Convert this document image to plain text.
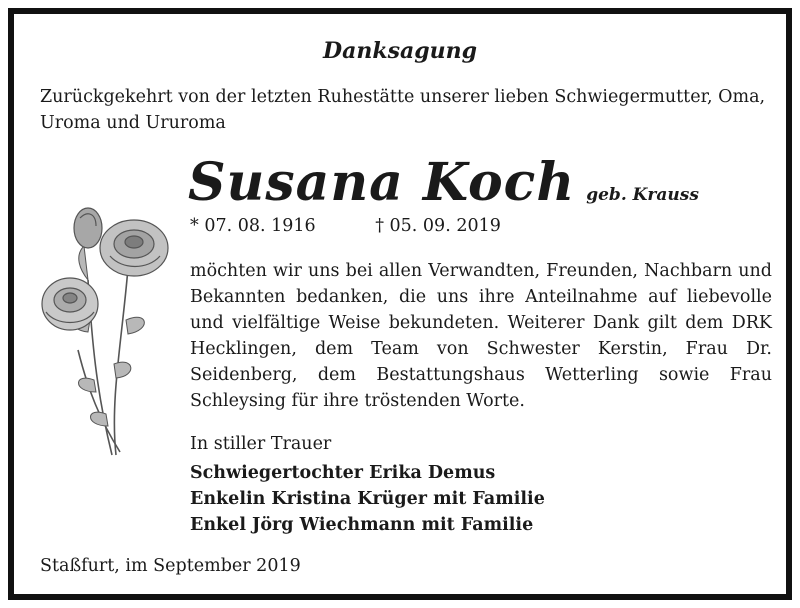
Danksagung
Zurückgekehrt von der letzten Ruhestätte unserer lieben Schwiegermutter, Oma, Uroma und Ururoma
Susana Koch geb. Krauss
* 07. 08. 1916	† 05. 09. 2019
möchten wir uns bei allen Verwandten, Freunden, Nachbarn und Bekannten bedanken, die uns ihre Anteilnahme auf liebevolle und vielfältige Weise bekundeten. Weiterer Dank gilt dem DRK Hecklingen, dem Team von Schwester Kerstin, Frau Dr. Seidenberg, dem Bestattungshaus Wetterling sowie Frau Schleysing für ihre tröstenden Worte.
In stiller Trauer
Schwiegertochter Erika Demus
Enkelin Kristina Krüger mit Familie
Enkel Jörg Wiechmann mit Familie
Staßfurt, im September 2019
